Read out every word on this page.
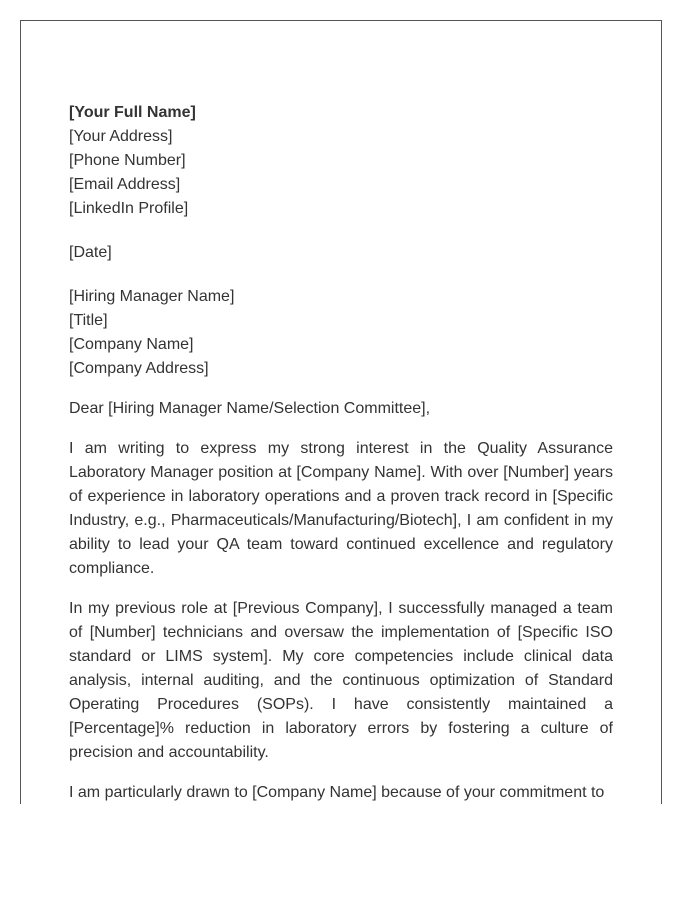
[Your Full Name]
[Your Address]
[Phone Number]
[Email Address]
[LinkedIn Profile]
[Date]
[Hiring Manager Name]
[Title]
[Company Name]
[Company Address]
Dear [Hiring Manager Name/Selection Committee],

I am writing to express my strong interest in the Quality Assurance Laboratory Manager position at [Company Name]. With over [Number] years of experience in laboratory operations and a proven track record in [Specific Industry, e.g., Pharmaceuticals/Manufacturing/Biotech], I am confident in my ability to lead your QA team toward continued excellence and regulatory compliance.

In my previous role at [Previous Company], I successfully managed a team of [Number] technicians and oversaw the implementation of [Specific ISO standard or LIMS system]. My core competencies include clinical data analysis, internal auditing, and the continuous optimization of Standard Operating Procedures (SOPs). I have consistently maintained a [Percentage]% reduction in laboratory errors by fostering a culture of precision and accountability.

I am particularly drawn to [Company Name] because of your commitment to
